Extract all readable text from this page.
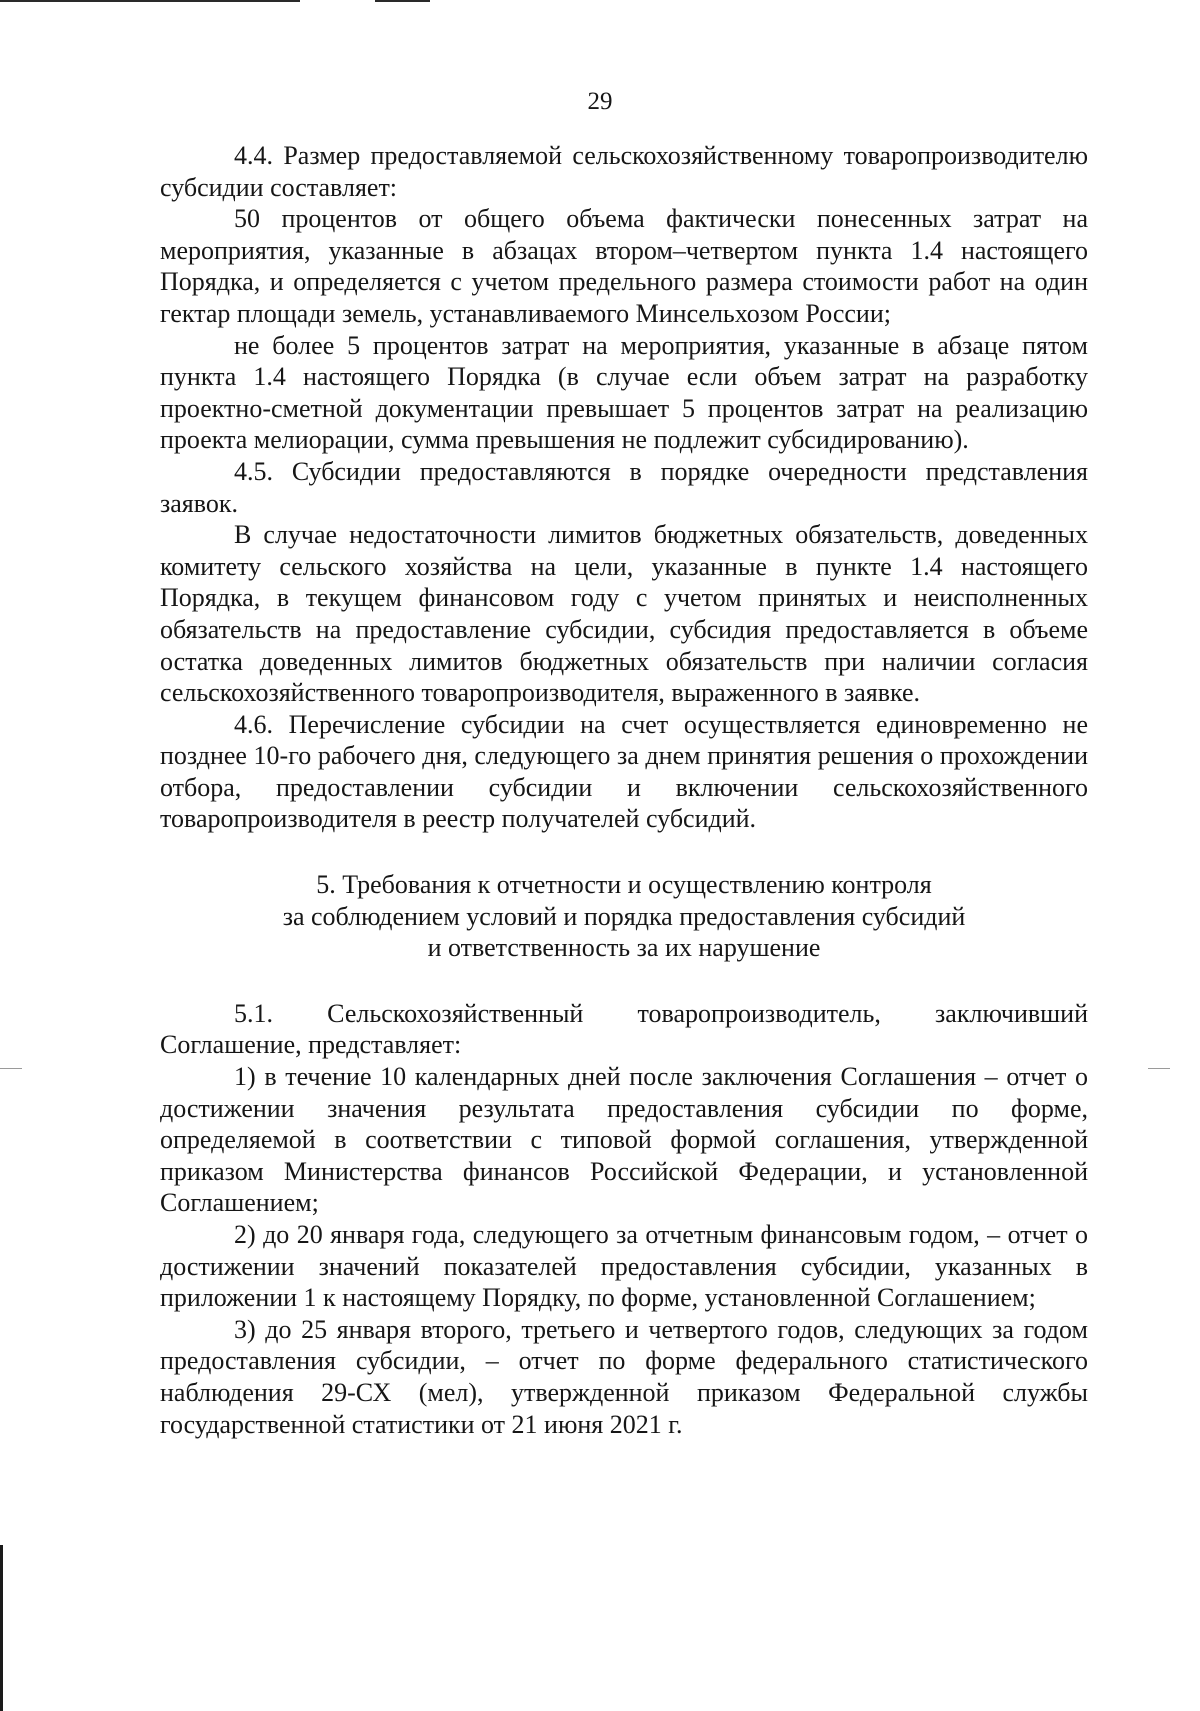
29

4.4. Размер предоставляемой сельскохозяйственному товаропроизводителю субсидии составляет:

50 процентов от общего объема фактически понесенных затрат на мероприятия, указанные в абзацах втором–четвертом пункта 1.4 настоящего Порядка, и определяется с учетом предельного размера стоимости работ на один гектар площади земель, устанавливаемого Минсельхозом России;

не более 5 процентов затрат на мероприятия, указанные в абзаце пятом пункта 1.4 настоящего Порядка (в случае если объем затрат на разработку проектно-сметной документации превышает 5 процентов затрат на реализацию проекта мелиорации, сумма превышения не подлежит субсидированию).

4.5. Субсидии предоставляются в порядке очередности представления заявок.

В случае недостаточности лимитов бюджетных обязательств, доведенных комитету сельского хозяйства на цели, указанные в пункте 1.4 настоящего Порядка, в текущем финансовом году с учетом принятых и неисполненных обязательств на предоставление субсидии, субсидия предоставляется в объеме остатка доведенных лимитов бюджетных обязательств при наличии согласия сельскохозяйственного товаропроизводителя, выраженного в заявке.

4.6. Перечисление субсидии на счет осуществляется единовременно не позднее 10-го рабочего дня, следующего за днем принятия решения о прохождении отбора, предоставлении субсидии и включении сельскохозяйственного товаропроизводителя в реестр получателей субсидий.

5. Требования к отчетности и осуществлению контроля
за соблюдением условий и порядка предоставления субсидий
и ответственность за их нарушение

5.1. Сельскохозяйственный товаропроизводитель, заключивший Соглашение, представляет:

1) в течение 10 календарных дней после заключения Соглашения – отчет о достижении значения результата предоставления субсидии по форме, определяемой в соответствии с типовой формой соглашения, утвержденной приказом Министерства финансов Российской Федерации, и установленной Соглашением;

2) до 20 января года, следующего за отчетным финансовым годом, – отчет о достижении значений показателей предоставления субсидии, указанных в приложении 1 к настоящему Порядку, по форме, установленной Соглашением;

3) до 25 января второго, третьего и четвертого годов, следующих за годом предоставления субсидии, – отчет по форме федерального статистического наблюдения 29-СХ (мел), утвержденной приказом Федеральной службы государственной статистики от 21 июня 2021 г.
